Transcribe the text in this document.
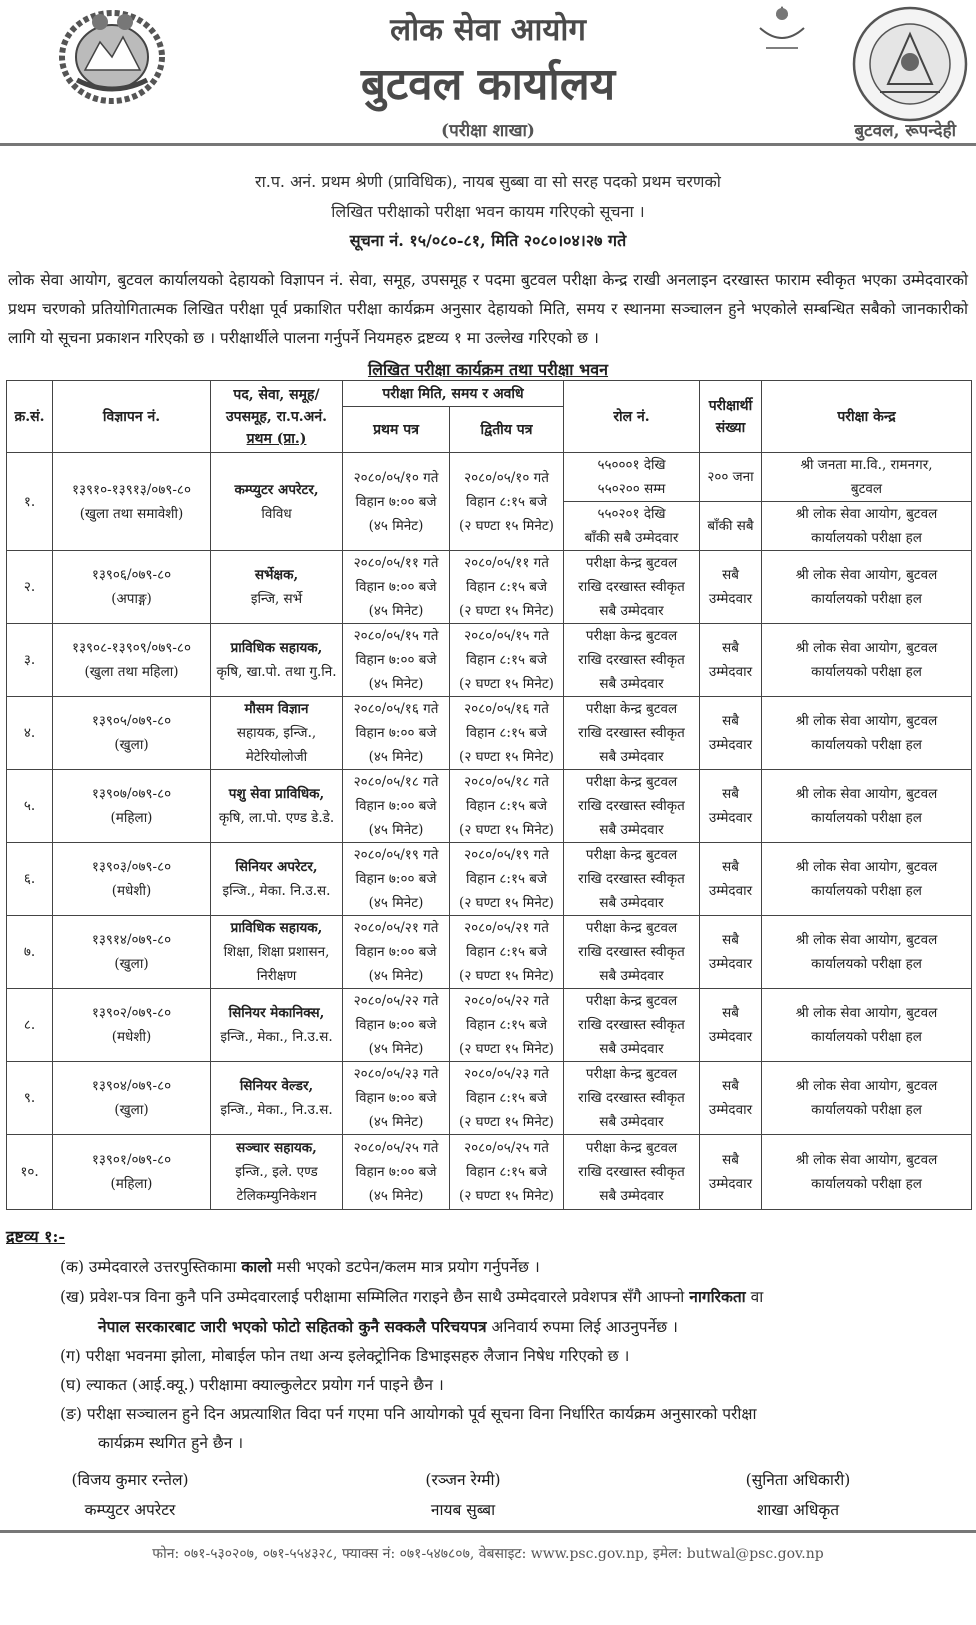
लोक सेवा आयोग
बुटवल कार्यालय
(परीक्षा शाखा)	बुटवल, रूपन्देही
रा.प. अनं. प्रथम श्रेणी (प्राविधिक), नायब सुब्बा वा सो सरह पदको प्रथम चरणको
लिखित परीक्षाको परीक्षा भवन कायम गरिएको सूचना ।
सूचना नं. १५/०८०-८१, मिति २०८०।०४।२७ गते
लोक सेवा आयोग, बुटवल कार्यालयको देहायको विज्ञापन नं. सेवा, समूह, उपसमूह र पदमा बुटवल परीक्षा केन्द्र राखी अनलाइन दरखास्त फाराम स्वीकृत भएका उम्मेदवारको प्रथम चरणको प्रतियोगितात्मक लिखित परीक्षा पूर्व प्रकाशित परीक्षा कार्यक्रम अनुसार देहायको मिति, समय र स्थानमा सञ्चालन हुने भएकोले सम्बन्धित सबैको जानकारीको लागि यो सूचना प्रकाशन गरिएको छ । परीक्षार्थीले पालना गर्नुपर्ने नियमहरु द्रष्टव्य १ मा उल्लेख गरिएको छ ।
लिखित परीक्षा कार्यक्रम तथा परीक्षा भवन
क्र.सं.	विज्ञापन नं.	पद, सेवा, समूह/
उपसमूह, रा.प.अनं.
प्रथम (प्रा.)	परीक्षा मिति, समय र अवधि		रोल नं.	परीक्षार्थी
संख्या	परीक्षा केन्द्र
			प्रथम पत्र	द्वितीय पत्र			
१.	१३९१०-१३९१३/०७९-८०
(खुला तथा समावेशी)	कम्प्युटर अपरेटर,
विविध	२०८०/०५/१० गते
विहान ७:०० बजे
(४५ मिनेट)	२०८०/०५/१० गते
विहान ८:१५ बजे
(२ घण्टा १५ मिनेट)	५५०००१ देखि
५५०२०० सम्म	२०० जना	श्री जनता मा.वि., रामनगर,
बुटवल

					५५०२०१ देखि
बाँकी सबै उम्मेदवार	बाँकी सबै	श्री लोक सेवा आयोग, बुटवल
कार्यालयको परीक्षा हल

२.	१३९०६/०७९-८०
(अपाङ्ग)	सर्भेक्षक,
इन्जि, सर्भे	२०८०/०५/११ गते
विहान ७:०० बजे
(४५ मिनेट)	२०८०/०५/११ गते
विहान ८:१५ बजे
(२ घण्टा १५ मिनेट)	परीक्षा केन्द्र बुटवल
राखि दरखास्त स्वीकृत
सबै उम्मेदवार	सबै
उम्मेदवार	श्री लोक सेवा आयोग, बुटवल
कार्यालयको परीक्षा हल

३.	१३९०८-१३९०९/०७९-८०
(खुला तथा महिला)	प्राविधिक सहायक,
कृषि, खा.पो. तथा गु.नि.	२०८०/०५/१५ गते
विहान ७:०० बजे
(४५ मिनेट)	२०८०/०५/१५ गते
विहान ८:१५ बजे
(२ घण्टा १५ मिनेट)	परीक्षा केन्द्र बुटवल
राखि दरखास्त स्वीकृत
सबै उम्मेदवार	सबै
उम्मेदवार	श्री लोक सेवा आयोग, बुटवल
कार्यालयको परीक्षा हल

४.	१३९०५/०७९-८०
(खुला)	मौसम विज्ञान
सहायक, इन्जि.,
मेटेरियोलोजी	२०८०/०५/१६ गते
विहान ७:०० बजे
(४५ मिनेट)	२०८०/०५/१६ गते
विहान ८:१५ बजे
(२ घण्टा १५ मिनेट)	परीक्षा केन्द्र बुटवल
राखि दरखास्त स्वीकृत
सबै उम्मेदवार	सबै
उम्मेदवार	श्री लोक सेवा आयोग, बुटवल
कार्यालयको परीक्षा हल

५.	१३९०७/०७९-८०
(महिला)	पशु सेवा प्राविधिक,
कृषि, ला.पो. एण्ड डे.डे.	२०८०/०५/१८ गते
विहान ७:०० बजे
(४५ मिनेट)	२०८०/०५/१८ गते
विहान ८:१५ बजे
(२ घण्टा १५ मिनेट)	परीक्षा केन्द्र बुटवल
राखि दरखास्त स्वीकृत
सबै उम्मेदवार	सबै
उम्मेदवार	श्री लोक सेवा आयोग, बुटवल
कार्यालयको परीक्षा हल

६.	१३९०३/०७९-८०
(मधेशी)	सिनियर अपरेटर,
इन्जि., मेका. नि.उ.स.	२०८०/०५/१९ गते
विहान ७:०० बजे
(४५ मिनेट)	२०८०/०५/१९ गते
विहान ८:१५ बजे
(२ घण्टा १५ मिनेट)	परीक्षा केन्द्र बुटवल
राखि दरखास्त स्वीकृत
सबै उम्मेदवार	सबै
उम्मेदवार	श्री लोक सेवा आयोग, बुटवल
कार्यालयको परीक्षा हल

७.	१३९१४/०७९-८०
(खुला)	प्राविधिक सहायक,
शिक्षा, शिक्षा प्रशासन,
निरीक्षण	२०८०/०५/२१ गते
विहान ७:०० बजे
(४५ मिनेट)	२०८०/०५/२१ गते
विहान ८:१५ बजे
(२ घण्टा १५ मिनेट)	परीक्षा केन्द्र बुटवल
राखि दरखास्त स्वीकृत
सबै उम्मेदवार	सबै
उम्मेदवार	श्री लोक सेवा आयोग, बुटवल
कार्यालयको परीक्षा हल

८.	१३९०२/०७९-८०
(मधेशी)	सिनियर मेकानिक्स,
इन्जि., मेका., नि.उ.स.	२०८०/०५/२२ गते
विहान ७:०० बजे
(४५ मिनेट)	२०८०/०५/२२ गते
विहान ८:१५ बजे
(२ घण्टा १५ मिनेट)	परीक्षा केन्द्र बुटवल
राखि दरखास्त स्वीकृत
सबै उम्मेदवार	सबै
उम्मेदवार	श्री लोक सेवा आयोग, बुटवल
कार्यालयको परीक्षा हल

९.	१३९०४/०७९-८०
(खुला)	सिनियर वेल्डर,
इन्जि., मेका., नि.उ.स.	२०८०/०५/२३ गते
विहान ७:०० बजे
(४५ मिनेट)	२०८०/०५/२३ गते
विहान ८:१५ बजे
(२ घण्टा १५ मिनेट)	परीक्षा केन्द्र बुटवल
राखि दरखास्त स्वीकृत
सबै उम्मेदवार	सबै
उम्मेदवार	श्री लोक सेवा आयोग, बुटवल
कार्यालयको परीक्षा हल

१०.	१३९०१/०७९-८०
(महिला)	सञ्चार सहायक,
इन्जि., इले. एण्ड
टेलिकम्युनिकेशन	२०८०/०५/२५ गते
विहान ७:०० बजे
(४५ मिनेट)	२०८०/०५/२५ गते
विहान ८:१५ बजे
(२ घण्टा १५ मिनेट)	परीक्षा केन्द्र बुटवल
राखि दरखास्त स्वीकृत
सबै उम्मेदवार	सबै
उम्मेदवार	श्री लोक सेवा आयोग, बुटवल
कार्यालयको परीक्षा हल
द्रष्टव्य १:-
(क) उम्मेदवारले उत्तरपुस्तिकामा कालो मसी भएको डटपेन/कलम मात्र प्रयोग गर्नुपर्नेछ ।
(ख) प्रवेश-पत्र विना कुनै पनि उम्मेदवारलाई परीक्षामा सम्मिलित गराइने छैन साथै उम्मेदवारले प्रवेशपत्र सँगै आफ्नो नागरिकता वा
नेपाल सरकारबाट जारी भएको फोटो सहितको कुनै सक्कलै परिचयपत्र अनिवार्य रुपमा लिई आउनुपर्नेछ ।
(ग) परीक्षा भवनमा झोला, मोबाईल फोन तथा अन्य इलेक्ट्रोनिक डिभाइसहरु लैजान निषेध गरिएको छ ।
(घ) ल्याकत (आई.क्यू.) परीक्षामा क्याल्कुलेटर प्रयोग गर्न पाइने छैन ।
(ङ) परीक्षा सञ्चालन हुने दिन अप्रत्याशित विदा पर्न गएमा पनि आयोगको पूर्व सूचना विना निर्धारित कार्यक्रम अनुसारको परीक्षा
कार्यक्रम स्थगित हुने छैन ।
(विजय कुमार रन्तेल)
कम्प्युटर अपरेटर
(रञ्जन रेग्मी)
नायब सुब्बा
(सुनिता अधिकारी)
शाखा अधिकृत
फोन: ०७१-५३०२०७, ०७१-५५४३२८, फ्याक्स नं: ०७१-५४७८०७, वेबसाइट: www.psc.gov.np, इमेल: butwal@psc.gov.np
